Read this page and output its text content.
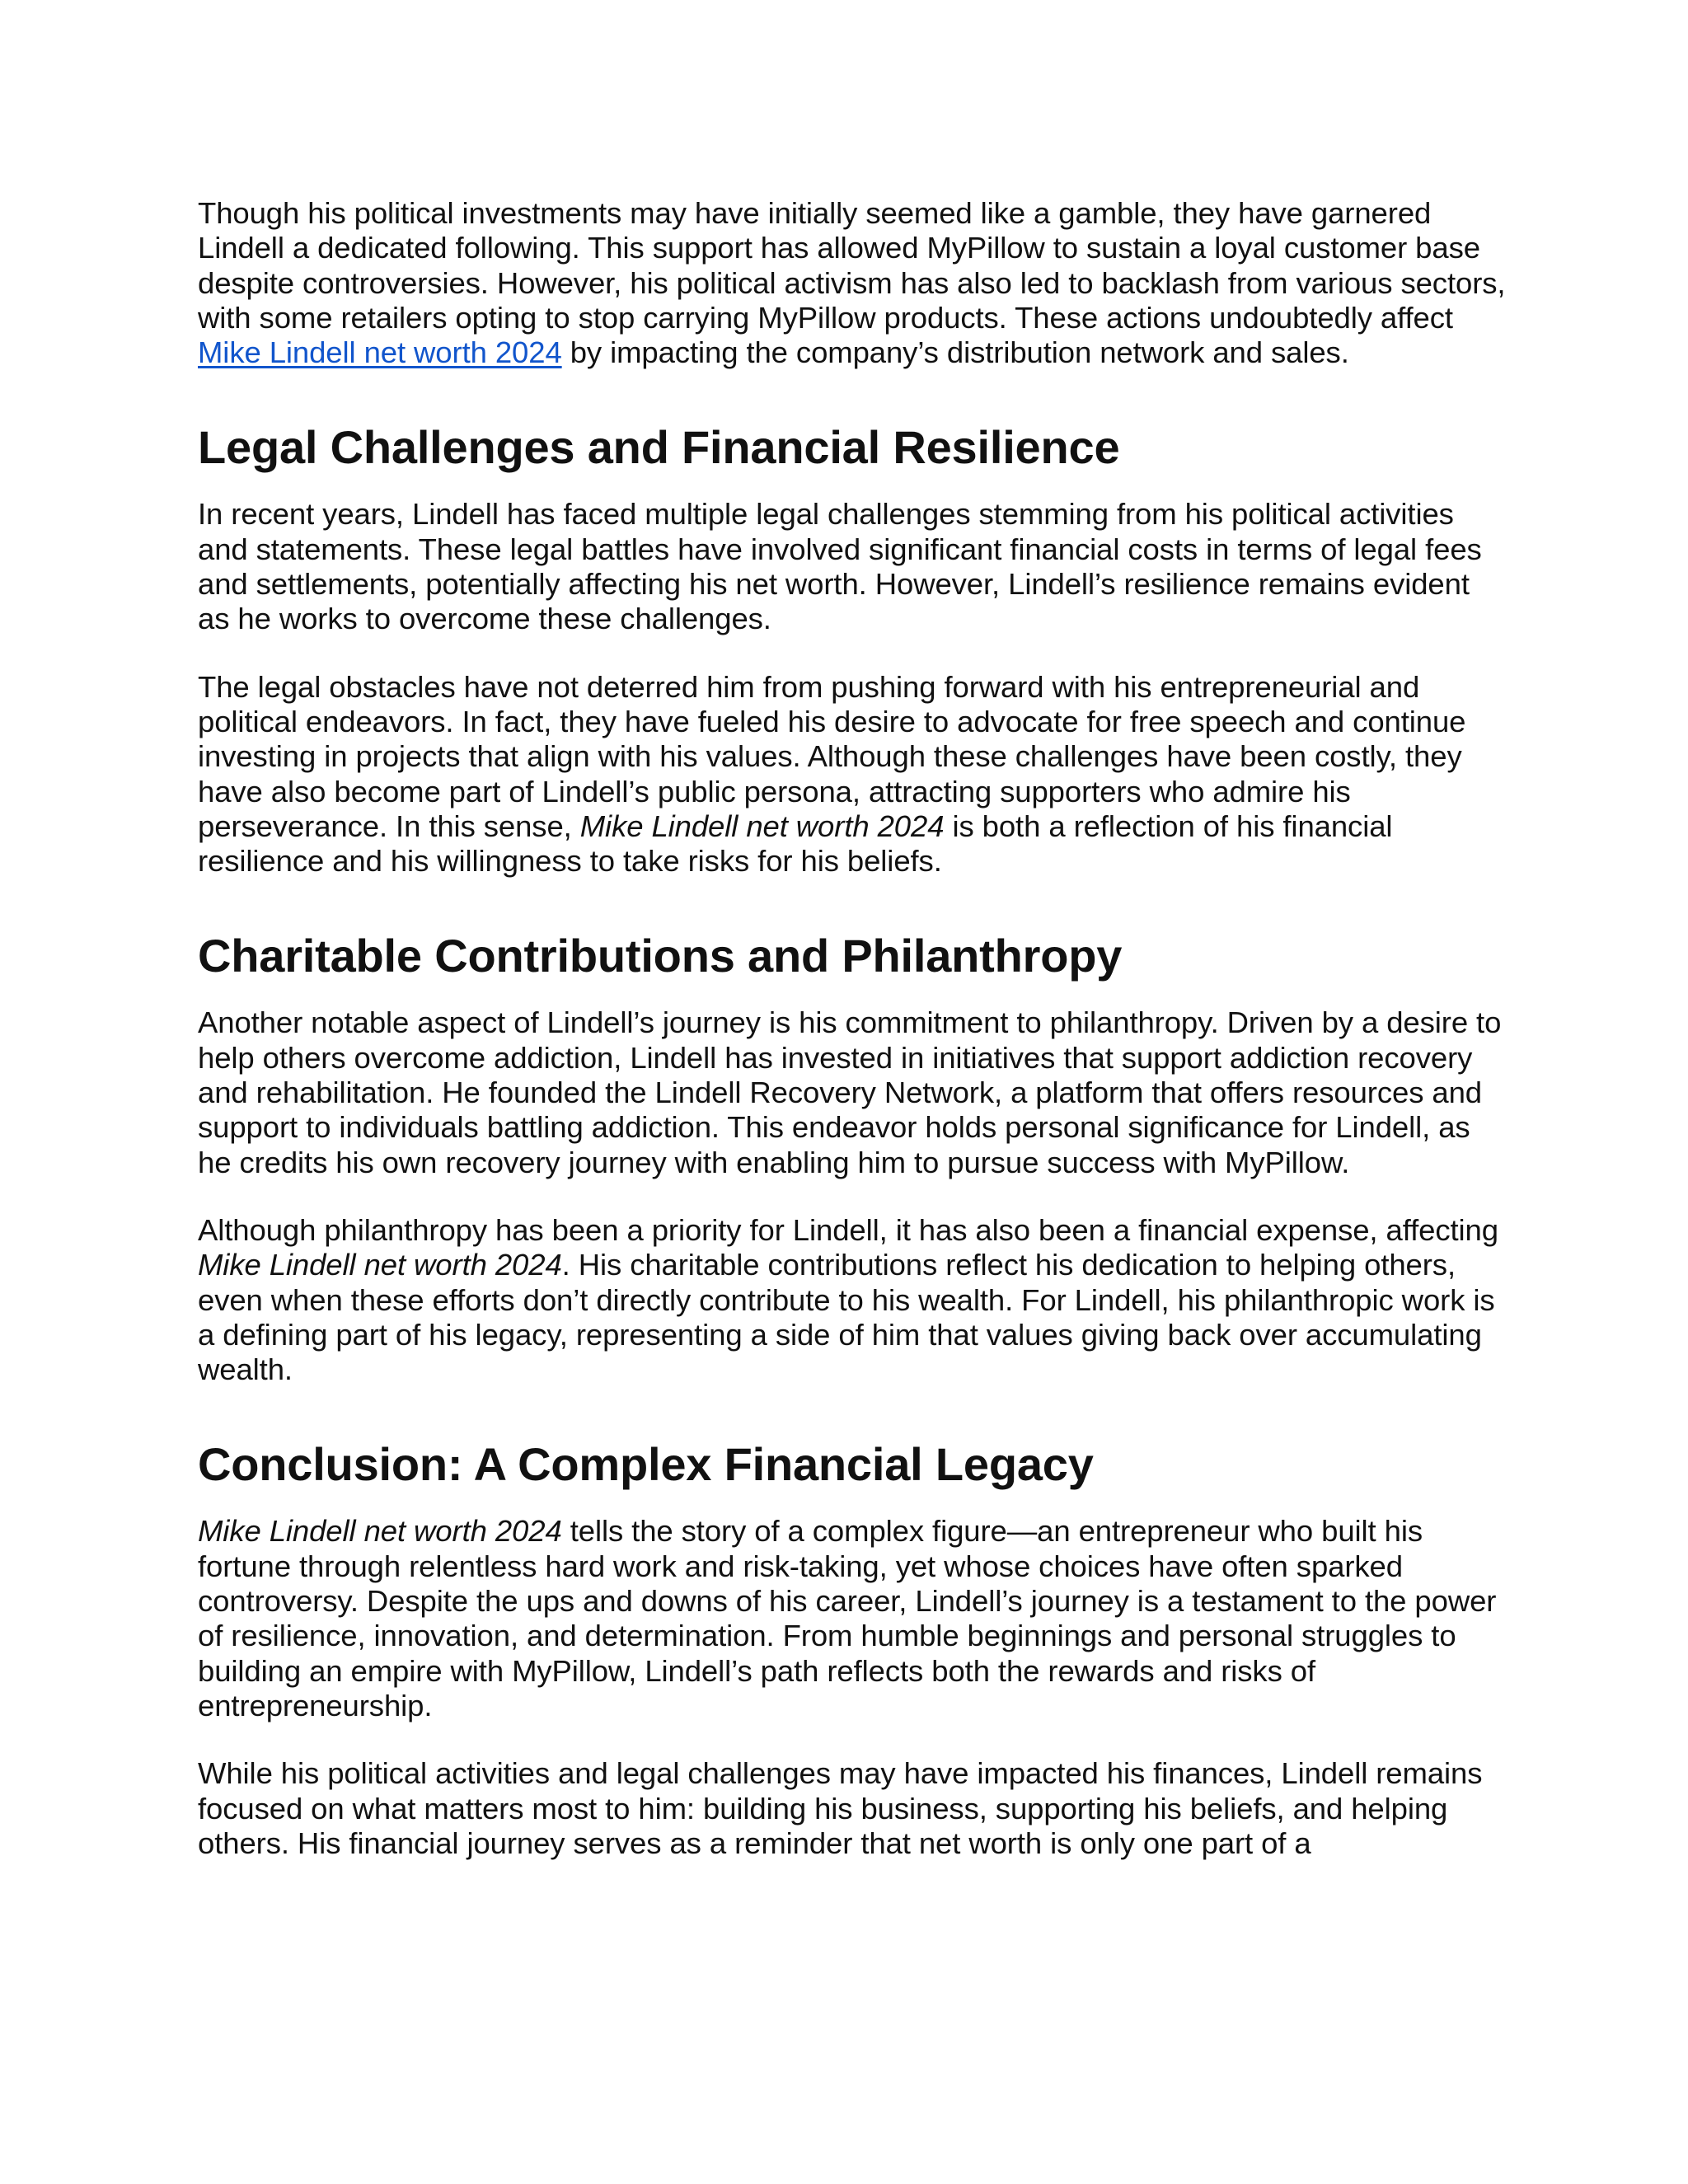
Though his political investments may have initially seemed like a gamble, they have garnered Lindell a dedicated following. This support has allowed MyPillow to sustain a loyal customer base despite controversies. However, his political activism has also led to backlash from various sectors, with some retailers opting to stop carrying MyPillow products. These actions undoubtedly affect Mike Lindell net worth 2024 by impacting the company’s distribution network and sales.

Legal Challenges and Financial Resilience

In recent years, Lindell has faced multiple legal challenges stemming from his political activities and statements. These legal battles have involved significant financial costs in terms of legal fees and settlements, potentially affecting his net worth. However, Lindell’s resilience remains evident as he works to overcome these challenges.

The legal obstacles have not deterred him from pushing forward with his entrepreneurial and political endeavors. In fact, they have fueled his desire to advocate for free speech and continue investing in projects that align with his values. Although these challenges have been costly, they have also become part of Lindell’s public persona, attracting supporters who admire his perseverance. In this sense, Mike Lindell net worth 2024 is both a reflection of his financial resilience and his willingness to take risks for his beliefs.

Charitable Contributions and Philanthropy

Another notable aspect of Lindell’s journey is his commitment to philanthropy. Driven by a desire to help others overcome addiction, Lindell has invested in initiatives that support addiction recovery and rehabilitation. He founded the Lindell Recovery Network, a platform that offers resources and support to individuals battling addiction. This endeavor holds personal significance for Lindell, as he credits his own recovery journey with enabling him to pursue success with MyPillow.

Although philanthropy has been a priority for Lindell, it has also been a financial expense, affecting Mike Lindell net worth 2024. His charitable contributions reflect his dedication to helping others, even when these efforts don’t directly contribute to his wealth. For Lindell, his philanthropic work is a defining part of his legacy, representing a side of him that values giving back over accumulating wealth.

Conclusion: A Complex Financial Legacy

Mike Lindell net worth 2024 tells the story of a complex figure—an entrepreneur who built his fortune through relentless hard work and risk-taking, yet whose choices have often sparked controversy. Despite the ups and downs of his career, Lindell’s journey is a testament to the power of resilience, innovation, and determination. From humble beginnings and personal struggles to building an empire with MyPillow, Lindell’s path reflects both the rewards and risks of entrepreneurship.

While his political activities and legal challenges may have impacted his finances, Lindell remains focused on what matters most to him: building his business, supporting his beliefs, and helping others. His financial journey serves as a reminder that net worth is only one part of a
